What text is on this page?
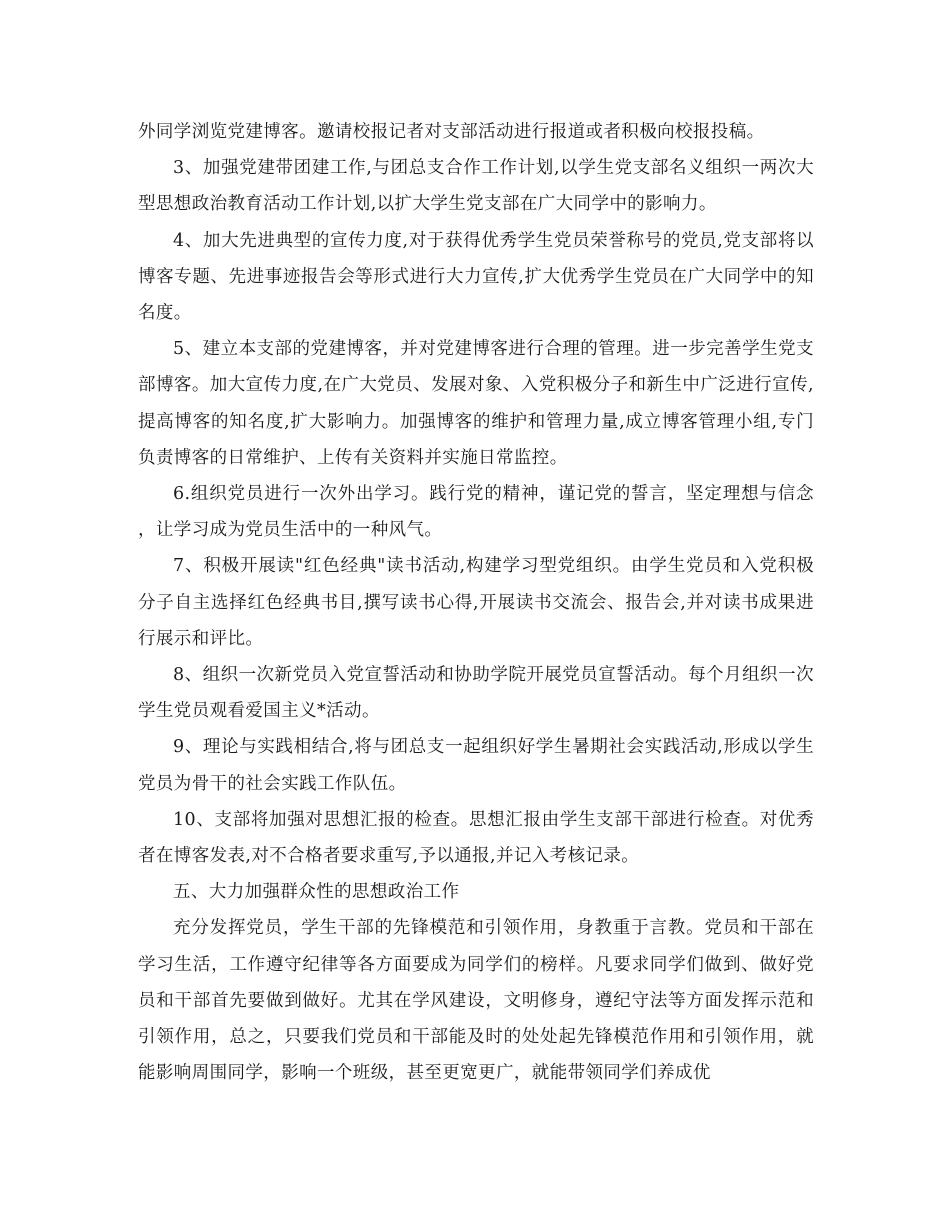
外同学浏览党建博客。邀请校报记者对支部活动进行报道或者积极向校报投稿。

3、加强党建带团建工作,与团总支合作工作计划,以学生党支部名义组织一两次大型思想政治教育活动工作计划,以扩大学生党支部在广大同学中的影响力。

4、加大先进典型的宣传力度,对于获得优秀学生党员荣誉称号的党员,党支部将以博客专题、先进事迹报告会等形式进行大力宣传,扩大优秀学生党员在广大同学中的知名度。

5、建立本支部的党建博客，并对党建博客进行合理的管理。进一步完善学生党支部博客。加大宣传力度,在广大党员、发展对象、入党积极分子和新生中广泛进行宣传,提高博客的知名度,扩大影响力。加强博客的维护和管理力量,成立博客管理小组,专门负责博客的日常维护、上传有关资料并实施日常监控。

6.组织党员进行一次外出学习。践行党的精神，谨记党的誓言，坚定理想与信念，让学习成为党员生活中的一种风气。

7、积极开展读"红色经典"读书活动,构建学习型党组织。由学生党员和入党积极分子自主选择红色经典书目,撰写读书心得,开展读书交流会、报告会,并对读书成果进行展示和评比。

8、组织一次新党员入党宣誓活动和协助学院开展党员宣誓活动。每个月组织一次学生党员观看爱国主义*活动。

9、理论与实践相结合,将与团总支一起组织好学生暑期社会实践活动,形成以学生党员为骨干的社会实践工作队伍。

10、支部将加强对思想汇报的检查。思想汇报由学生支部干部进行检查。对优秀者在博客发表,对不合格者要求重写,予以通报,并记入考核记录。

五、大力加强群众性的思想政治工作

充分发挥党员，学生干部的先锋模范和引领作用，身教重于言教。党员和干部在学习生活，工作遵守纪律等各方面要成为同学们的榜样。凡要求同学们做到、做好党员和干部首先要做到做好。尤其在学风建设，文明修身，遵纪守法等方面发挥示范和引领作用，总之，只要我们党员和干部能及时的处处起先锋模范作用和引领作用，就能影响周围同学，影响一个班级，甚至更宽更广，就能带领同学们养成优
